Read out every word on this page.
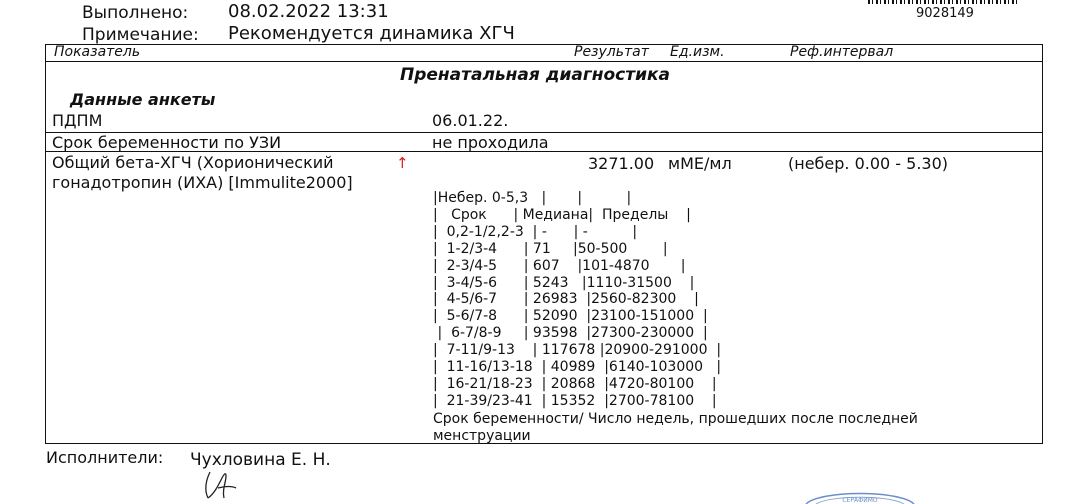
Выполнено: 08.02.2022 13:31
Примечание: Рекомендуется динамика ХГЧ
9028149
Показатель	Результат Ед.изм.	Реф.интервал
Пренатальная диагностика
Данные анкеты
ПДПМ	06.01.22.
Срок беременности по УЗИ	не проходила
Общий бета-ХГЧ (Хорионический
гонадотропин (ИХА) [Immulite2000]
↑	3271.00 мМЕ/мл	(небер. 0.00 - 5.30)
|Небер. 0-5,3   |       |          |
|   Срок      | Медиана|  Пределы    |
|  0,2-1/2,2-3  | -      | -          |
|  1-2/3-4      | 71     |50-500        |
|  2-3/4-5      | 607    |101-4870       |
|  3-4/5-6      | 5243   |1110-31500    |
|  4-5/6-7      | 26983  |2560-82300    |
|  5-6/7-8      | 52090  |23100-151000  |
|  6-7/8-9     | 93598  |27300-230000  |
|  7-11/9-13    | 117678 |20900-291000  |
|  11-16/13-18  | 40989  |6140-103000   |
|  16-21/18-23  | 20868  |4720-80100    |
|  21-39/23-41  | 15352  |2700-78100    |
Срок беременности/ Число недель, прошедших после последней менструации
Исполнители: Чухловина Е. Н.
СЕРАФИМО
